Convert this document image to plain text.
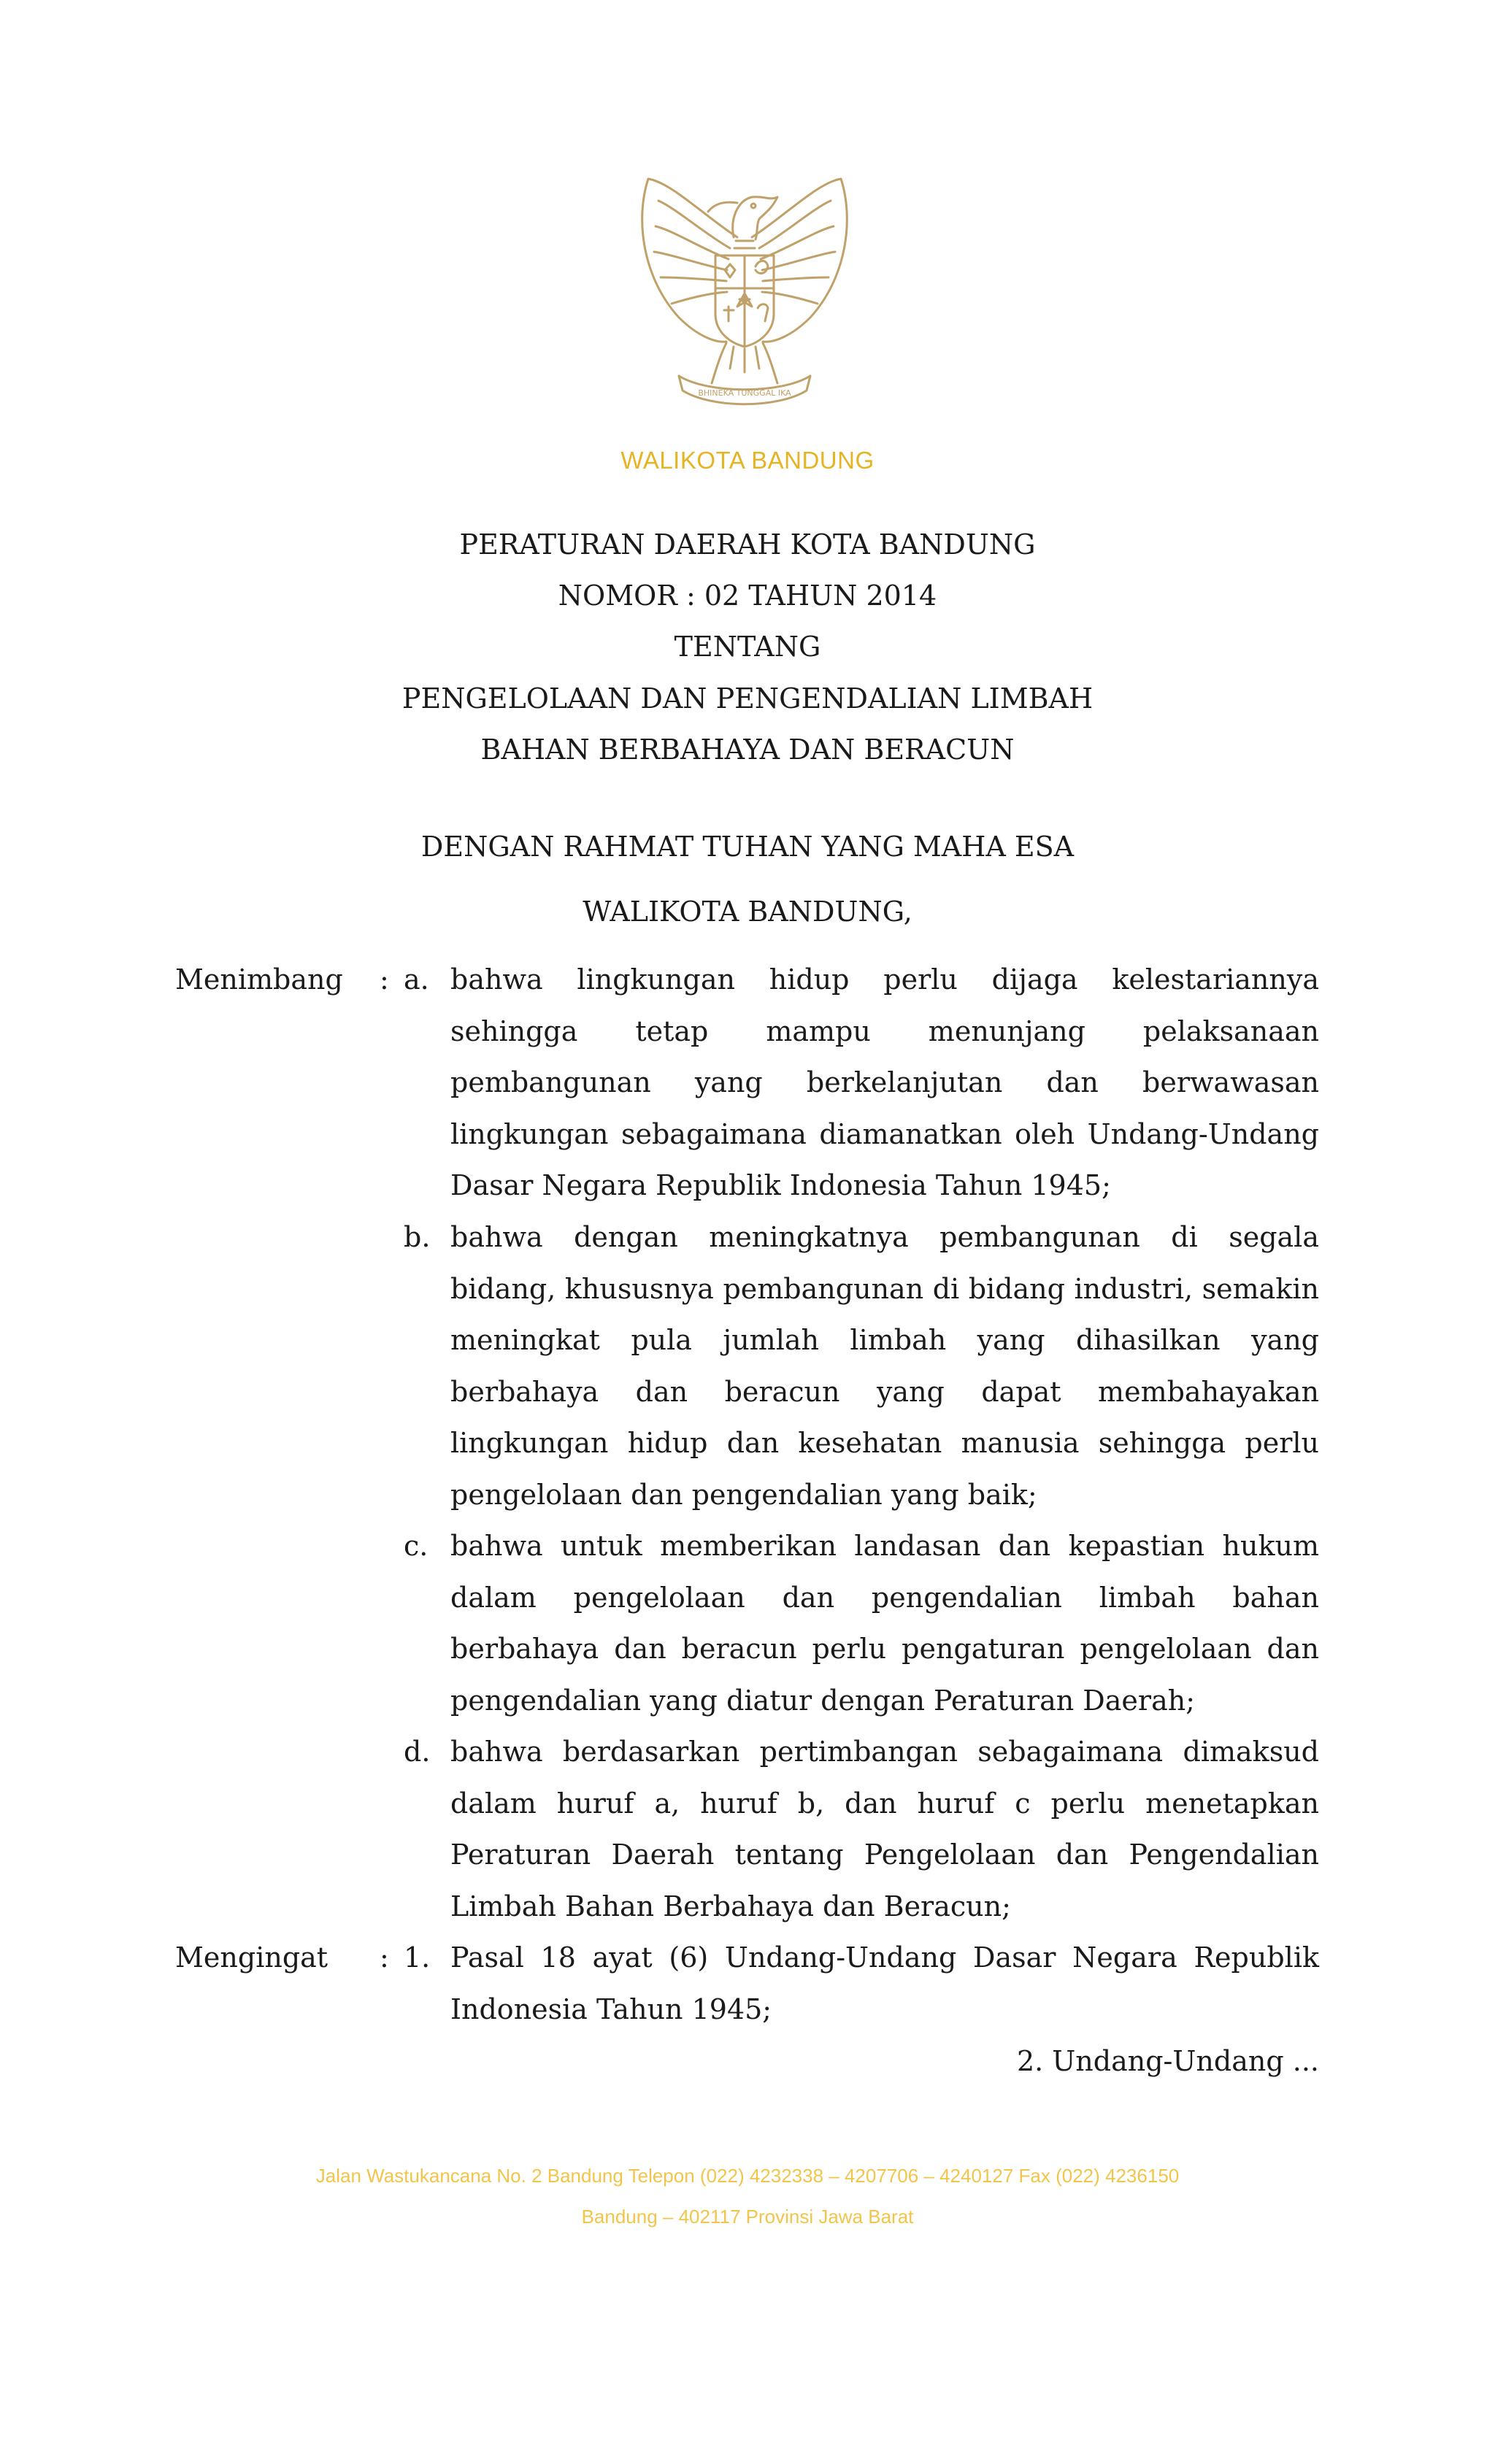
BHINEKA TUNGGAL IKA
WALIKOTA BANDUNG
PERATURAN DAERAH KOTA BANDUNG
NOMOR : 02 TAHUN 2014
TENTANG
PENGELOLAAN DAN PENGENDALIAN LIMBAH
BAHAN BERBAHAYA DAN BERACUN
DENGAN RAHMAT TUHAN YANG MAHA ESA
WALIKOTA BANDUNG,
Menimbang : a. bahwa lingkungan hidup perlu dijaga kelestariannya sehingga tetap mampu menunjang pelaksanaan pembangunan yang berkelanjutan dan berwawasan lingkungan sebagaimana diamanatkan oleh Undang-Undang Dasar Negara Republik Indonesia Tahun 1945;
b. bahwa dengan meningkatnya pembangunan di segala bidang, khususnya pembangunan di bidang industri, semakin meningkat pula jumlah limbah yang dihasilkan yang berbahaya dan beracun yang dapat membahayakan lingkungan hidup dan kesehatan manusia sehingga perlu pengelolaan dan pengendalian yang baik;
c. bahwa untuk memberikan landasan dan kepastian hukum dalam pengelolaan dan pengendalian limbah bahan berbahaya dan beracun perlu pengaturan pengelolaan dan pengendalian yang diatur dengan Peraturan Daerah;
d. bahwa berdasarkan pertimbangan sebagaimana dimaksud dalam huruf a, huruf b, dan huruf c perlu menetapkan Peraturan Daerah tentang Pengelolaan dan Pengendalian Limbah Bahan Berbahaya dan Beracun;
Mengingat : 1. Pasal 18 ayat (6) Undang-Undang Dasar Negara Republik Indonesia Tahun 1945;
2. Undang-Undang ...
Jalan Wastukancana No. 2 Bandung Telepon (022) 4232338 – 4207706 – 4240127 Fax (022) 4236150
Bandung – 402117 Provinsi Jawa Barat
